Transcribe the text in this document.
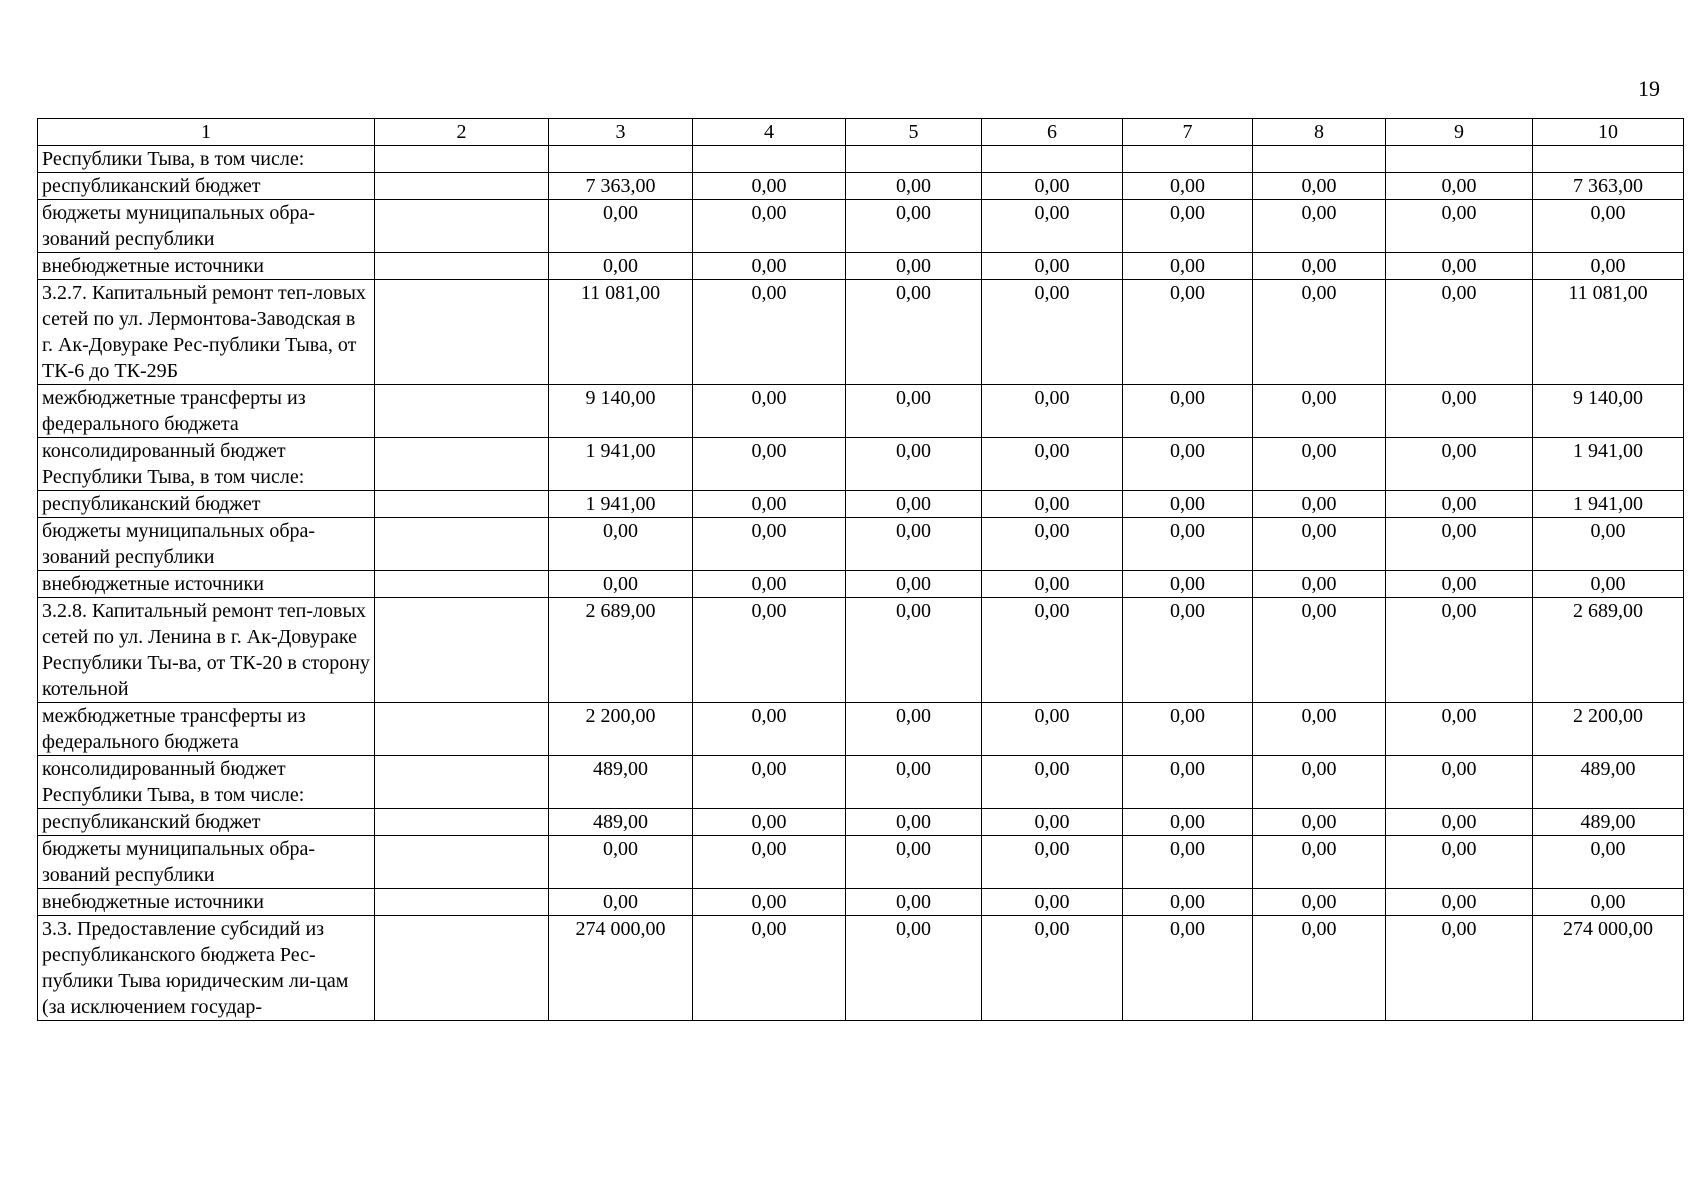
19
1	2	3	4	5	6	7	8	9	10
Республики Тыва, в том числе:									
республиканский бюджет		7 363,00	0,00	0,00	0,00	0,00	0,00	0,00	7 363,00
бюджеты муниципальных обра-зований республики		0,00	0,00	0,00	0,00	0,00	0,00	0,00	0,00
внебюджетные источники		0,00	0,00	0,00	0,00	0,00	0,00	0,00	0,00
3.2.7. Капитальный ремонт теп-ловых сетей по ул. Лермонтова-Заводская в г. Ак-Довураке Рес-публики Тыва, от ТК-6 до ТК-29Б		11 081,00	0,00	0,00	0,00	0,00	0,00	0,00	11 081,00
межбюджетные трансферты из федерального бюджета		9 140,00	0,00	0,00	0,00	0,00	0,00	0,00	9 140,00
консолидированный бюджет Республики Тыва, в том числе:		1 941,00	0,00	0,00	0,00	0,00	0,00	0,00	1 941,00
республиканский бюджет		1 941,00	0,00	0,00	0,00	0,00	0,00	0,00	1 941,00
бюджеты муниципальных обра-зований республики		0,00	0,00	0,00	0,00	0,00	0,00	0,00	0,00
внебюджетные источники		0,00	0,00	0,00	0,00	0,00	0,00	0,00	0,00
3.2.8. Капитальный ремонт теп-ловых сетей по ул. Ленина в г. Ак-Довураке Республики Ты-ва, от ТК-20 в сторону котельной		2 689,00	0,00	0,00	0,00	0,00	0,00	0,00	2 689,00
межбюджетные трансферты из федерального бюджета		2 200,00	0,00	0,00	0,00	0,00	0,00	0,00	2 200,00
консолидированный бюджет Республики Тыва, в том числе:		489,00	0,00	0,00	0,00	0,00	0,00	0,00	489,00
республиканский бюджет		489,00	0,00	0,00	0,00	0,00	0,00	0,00	489,00
бюджеты муниципальных обра-зований республики		0,00	0,00	0,00	0,00	0,00	0,00	0,00	0,00
внебюджетные источники		0,00	0,00	0,00	0,00	0,00	0,00	0,00	0,00
3.3. Предоставление субсидий из республиканского бюджета Рес-публики Тыва юридическим ли-цам (за исключением государ-		274 000,00	0,00	0,00	0,00	0,00	0,00	0,00	274 000,00
